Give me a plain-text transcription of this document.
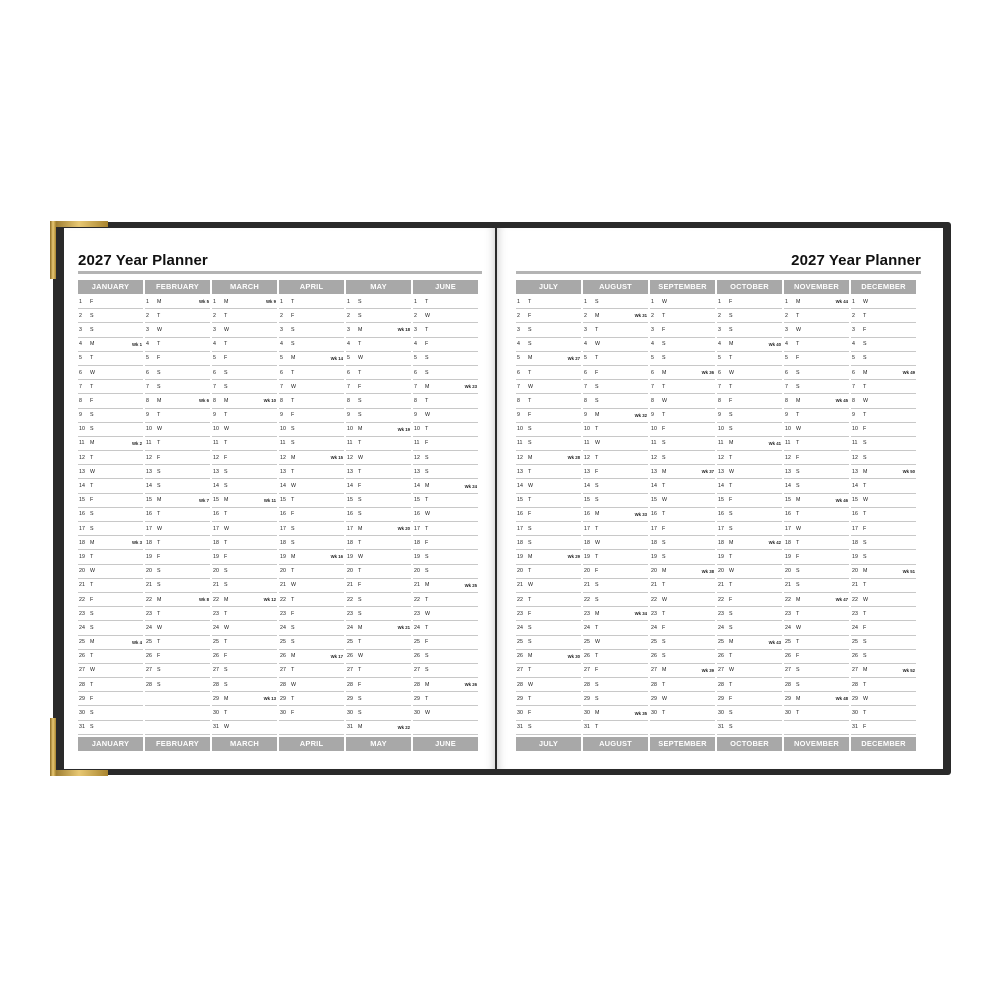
2027 Year Planner
JANUARY
1	F
2	S
3	S
4	M	Wk 1
5	T
6	W
7	T
8	F
9	S
10 S
11	M	Wk 2
12 T
13 W
14 T
15 F
16 S
17 S
18 M	Wk 3
19 T
20 W
21 T
22 F
23 S
24 S
25 M	Wk 4
26 T
27 W
28 T
29 F
30 S
31 S
JANUARY
FEBRUARY
1	M	Wk 5
2	T
3	W
4	T
5	F
6	S
7	S
8	M	Wk 6
9	T
10 W
11	T
12 F
13 S
14 S
15 M	Wk 7
16 T
17 W
18 T
19 F
20 S
21 S
22 M	Wk 8
23 T
24 W
25 T
26 F
27 S
28 S
FEBRUARY
MARCH
1	M	Wk 9
2	T
3	W
4	T
5	F
6	S
7	S
8	M	Wk 10
9	T
10 W
11	T
12 F
13 S
14 S
15 M	Wk 11
16 T
17 W
18 T
19 F
20 S
21 S
22 M	Wk 12
23 T
24 W
25 T
26 F
27 S
28 S
29 M	Wk 13
30 T
31 W
MARCH
APRIL
1	T
2	F
3	S
4	S
5	M	Wk 14
6	T
7	W
8	T
9	F
10 S
11	S
12 M	Wk 15
13 T
14 W
15 T
16 F
17 S
18 S
19 M	Wk 16
20 T
21 W
22 T
23 F
24 S
25 S
26 M	Wk 17
27 T
28 W
29 T
30 F
APRIL
MAY
1	S
2	S
3	M	Wk 18
4	T
5	W
6	T
7	F
8	S
9	S
10 M	Wk 19
11	T
12 W
13 T
14 F
15 S
16 S
17 M	Wk 20
18 T
19 W
20 T
21 F
22 S
23 S
24 M	Wk 21
25 T
26 W
27 T
28 F
29 S
30 S
31 M	Wk 22
MAY
JUNE
1	T
2	W
3	T
4	F
5	S
6	S
7	M	Wk 23
8	T
9	W
10 T
11	F
12 S
13 S
14 M	Wk 24
15 T
16 W
17 T
18 F
19 S
20 S
21 M	Wk 25
22 T
23 W
24 T
25 F
26 S
27 S
28 M	Wk 26
29 T
30 W
JUNE
2027 Year Planner
JULY
1	T
2	F
3	S
4	S
5	M	Wk 27
6	T
7	W
8	T
9	F
10 S
11	S
12 M	Wk 28
13 T
14 W
15 T
16 F
17 S
18 S
19 M	Wk 29
20 T
21 W
22 T
23 F
24 S
25 S
26 M	Wk 30
27 T
28 W
29 T
30 F
31 S
JULY
AUGUST
1	S
2	M	Wk 31
3	T
4	W
5	T
6	F
7	S
8	S
9	M	Wk 32
10 T
11	W
12 T
13 F
14 S
15 S
16 M	Wk 33
17 T
18 W
19 T
20 F
21 S
22 S
23 M	Wk 34
24 T
25 W
26 T
27 F
28 S
29 S
30 M	Wk 35
31 T
AUGUST
SEPTEMBER
1	W
2	T
3	F
4	S
5	S
6	M	Wk 36
7	T
8	W
9	T
10 F
11	S
12 S
13 M	Wk 37
14 T
15 W
16 T
17 F
18 S
19 S
20 M	Wk 38
21 T
22 W
23 T
24 F
25 S
26 S
27 M	Wk 39
28 T
29 W
30 T
SEPTEMBER
OCTOBER
1	F
2	S
3	S
4	M	Wk 40
5	T
6	W
7	T
8	F
9	S
10 S
11	M	Wk 41
12 T
13 W
14 T
15 F
16 S
17 S
18 M	Wk 42
19 T
20 W
21 T
22 F
23 S
24 S
25 M	Wk 43
26 T
27 W
28 T
29 F
30 S
31 S
OCTOBER
NOVEMBER
1	M	Wk 44
2	T
3	W
4	T
5	F
6	S
7	S
8	M	Wk 45
9	T
10 W
11	T
12 F
13 S
14 S
15 M	Wk 46
16 T
17 W
18 T
19 F
20 S
21 S
22 M	Wk 47
23 T
24 W
25 T
26 F
27 S
28 S
29 M	Wk 48
30 T
NOVEMBER
DECEMBER
1	W
2	T
3	F
4	S
5	S
6	M	Wk 49
7	T
8	W
9	T
10 F
11	S
12 S
13 M	Wk 50
14 T
15 W
16 T
17 F
18 S
19 S
20 M	Wk 51
21 T
22 W
23 T
24 F
25 S
26 S
27 M	Wk 52
28 T
29 W
30 T
31 F
DECEMBER
